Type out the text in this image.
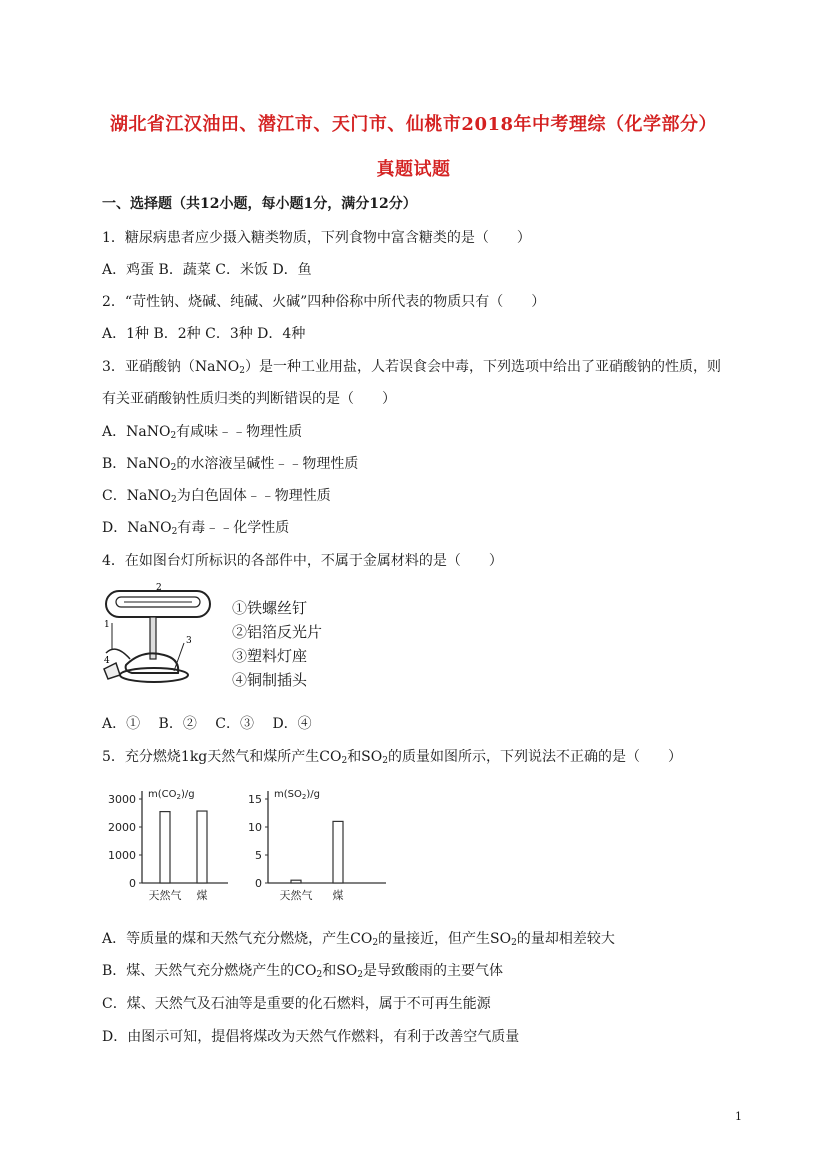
湖北省江汉油田、潜江市、天门市、仙桃市2018年中考理综（化学部分）
真题试题
一、选择题（共12小题，每小题1分，满分12分）
1．糖尿病患者应少摄入糖类物质，下列食物中富含糖类的是（　　）
A．鸡蛋 B．蔬菜 C．米饭 D．鱼
2．“苛性钠、烧碱、纯碱、火碱”四种俗称中所代表的物质只有（　　）
A．1种 B．2种 C．3种 D．4种
3．亚硝酸钠（NaNO$_2$）是一种工业用盐，人若误食会中毒，下列选项中给出了亚硝酸钠的性质，则
有关亚硝酸钠性质归类的判断错误的是（　　）
A．NaNO$_2$有咸味﹣﹣物理性质
B．NaNO$_2$的水溶液呈碱性﹣﹣物理性质
C．NaNO$_2$为白色固体﹣﹣物理性质
D．NaNO$_2$有毒﹣﹣化学性质
4．在如图台灯所标识的各部件中，不属于金属材料的是（　　）
1
2
3
4
①铁螺丝钉
②铝箔反光片
③塑料灯座
④铜制插头
A．①　 B．②　 C．③　 D．④
5．充分燃烧1kg天然气和煤所产生$CO_2$和$SO_2$的质量如图所示，下列说法不正确的是（　　）
$m(CO_2)/g$
3000
2000
1000
0
天然气 煤
$m(SO_2)/g$
15
10
5
0
天然气 煤
A．等质量的煤和天然气充分燃烧，产生$CO_2$的量接近，但产生$SO_2$的量却相差较大
B．煤、天然气充分燃烧产生的$CO_2$和$SO_2$是导致酸雨的主要气体
C．煤、天然气及石油等是重要的化石燃料，属于不可再生能源
D．由图示可知，提倡将煤改为天然气作燃料，有利于改善空气质量
1
